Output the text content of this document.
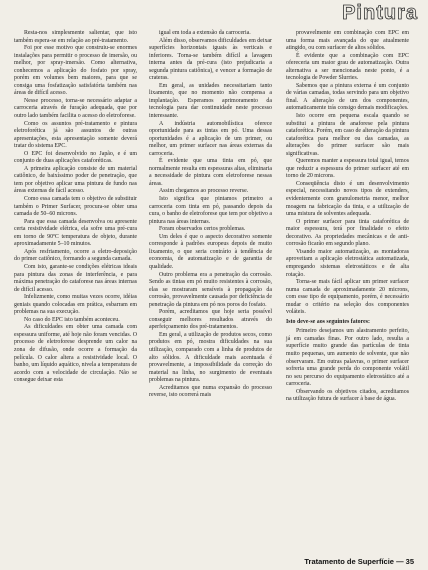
Pintura

Resta-nos simplesmente salientar, que isto também espera-se em relação ao pré-tratamento.

Foi por esse motivo que construiu-se enormes instalações para permitir o processo de imersão, ou melhor, por spray-imersão. Como alternativa, conhecemos a aplicação do fosfato por spray, porém em volumes bem maiores, para que se consiga uma fosfatização satisfatória também nas áreas de difícil acesso.

Nesse processo, torna-se necessário adaptar a carroceria através de furação adequada, que por outro lado também facilita o acesso do eletroforese.

Como os assuntos pré-tratamento e pintura eletroforética já são assuntos de outras apresentações, esta apresentação somente deverá tratar do sistema EPC.

O EPC foi desenvolvido no Japão, e é um conjunto de duas aplicações cataforéticas.

A primeira aplicação consiste de um material catiônico, de baixíssimo poder de penetração, que tem por objetivo aplicar uma pintura de fundo nas áreas externas de fácil acesso.

Como essa camada tem o objetivo de substituir também o Primer Surfacer, procura-se obter uma camada de 50–60 microns.

Para que essa camada desenvolva ou apresente certa resistividade elétrica, ela sofre uma pré-cura em torno de 90ºC temperatura de objeto, durante aproximadamente 5–10 minutos.

Após resfriamento, ocorre a eletro-deposição do primer catiônico, formando a segunda camada.

Com isto, garante-se condições elétricas ideais para pintura das zonas de interferência, e para máxima penetração do cataforese nas áreas internas de difícil acesso.

Infelizmente, como muitas vezes ocorre, idéias geniais quando colocadas em prática, esbarram em problemas na sua execução.

No caso do EPC isto também aconteceu.

As dificuldades em obter uma camada com espessura uniforme, até hoje não foram vencidas. O processo de eletroforese desprende um calor na zona de difusão, onde ocorre a formação da película. O calor altera a resistividade local. O banho, um líquido aquático, nivela a temperatura de acordo com a velocidade de circulação. Não se consegue deixar esta

igual em toda a extensão da carroceria.

Além disso, observamos dificuldades em deixar superfícies horizontais iguais às verticais e inferiores. Torna-se também difícil a lavagem interna antes da pré-cura (isto prejudicaria a segunda pintura catiônica), e vencer a formação de crateras.

Em geral, as unidades necessitariam tanto lixamento, que no momento não compensa a implantação. Esperamos aprimoramento da tecnologia para dar continuidade neste processo interessante.

A indústria automobilística oferece oportunidade para as tintas em pó. Uma dessas oportunidades é a aplicação de um primer, ou melhor, um primer surfacer nas áreas externas da carroceria.

É evidente que uma tinta em pó, que normalmente resulta em espessuras altas, eliminaria a necessidade de pintura com eletroforese nessas áreas.

Assim chegamos ao processo reverse.

Isto significa que pintamos primeiro a carroceria com tinta em pó, passando depois da cura, o banho de eletroforese que tem por objetivo a pintura nas áreas internas.

Foram observados certos problemas.

Um deles é que o aspecto decorativo somente corresponde à padrões europeus depois de muito lixamento, o que seria contrário à tendência de economia, de automatização e de garantia de qualidade.

Outro problema era a penetração da corrosão. Sendo as tintas em pó muito resistentes à corrosão, elas se mostraram sensíveis à propagação da corrosão, provavelmente causada por deficiência de penetração da pintura em pó nos poros do fosfato.

Porém, acreditamos que hoje seria possível conseguir melhores resultados através do aperfeiçoamento dos pré-tratamentos.

Em geral, a utilização de produtos secos, como produtos em pó, mostra dificuldades na sua utilização, comparado com a linha de produtos de alto sólidos. A dificuldade mais acentuada é provavelmente, a impossibilidade da correção do material na linha, no surgimento de eventuais problemas na pintura.

Acreditamos que numa expansão do processo reverse, isto ocorrerá mais

provavelmente em combinação com EPC em uma forma mais avançada do que atualmente atingido, ou com surfacer de altos sólidos.

É evidente que a combinação com EPC ofereceria um maior grau de automatização. Outra alternativa a ser mencionada neste ponto, é a tecnologia de Powder Slurries.

Sabemos que a pintura externa é um conjunto de várias camadas, todas servindo para um objetivo final. A alteração de um dos componentes, automaticamente trás consigo demais modificações.

Isto ocorre em pequena escala quando se substitui a pintura de anaforese pela pintura cataforética. Porém, em caso de alteração da pintura cataforética para melhor ou das camadas, as alterações do primer surfacer são mais significativas.

Queremos manter a espessura total igual, temos que reduzir a espessura do primer surfacer até em torno de 20 microns.

Conseqüência disto é um desenvolvimento especial, necessitando novos tipos de extenders, evidentemente com granulometria menor, melhor moagem na fabricação da tinta, e a utilização de uma mistura de solventes adequada.

O primer surfacer para tinta cataforética de maior espessura, terá por finalidade o efeito decorativo. As propriedades mecânicas e de anti-corrosão ficarão em segundo plano.

Visando maior automatização, as montadoras aproveitam a aplicação eletrostática automatizada, empregando sistemas eletrostáticos e de alta rotação.

Torna-se mais fácil aplicar um primer surfacer numa camada de aproximadamente 20 microns, com esse tipo de equipamento, porém, é necessário mudar o critério na seleção dos componentes voláteis.

Isto deve-se aos seguintes fatores:

Primeiro desejamos um alastramento perfeito, já em camadas finas. Por outro lado, resulta a superfície muito grande das partículas de tinta muito pequenas, um aumento de solvente, que não observaram. Em outras palavras, o primer surfacer sofreria uma grande perda do componente volátil no seu percurso do equipamento eletrostático até a carroceria.

Observando os objetivos citados, acreditamos na utilização futura de surfacer à base de água.

Tratamento de Superfície — 35
